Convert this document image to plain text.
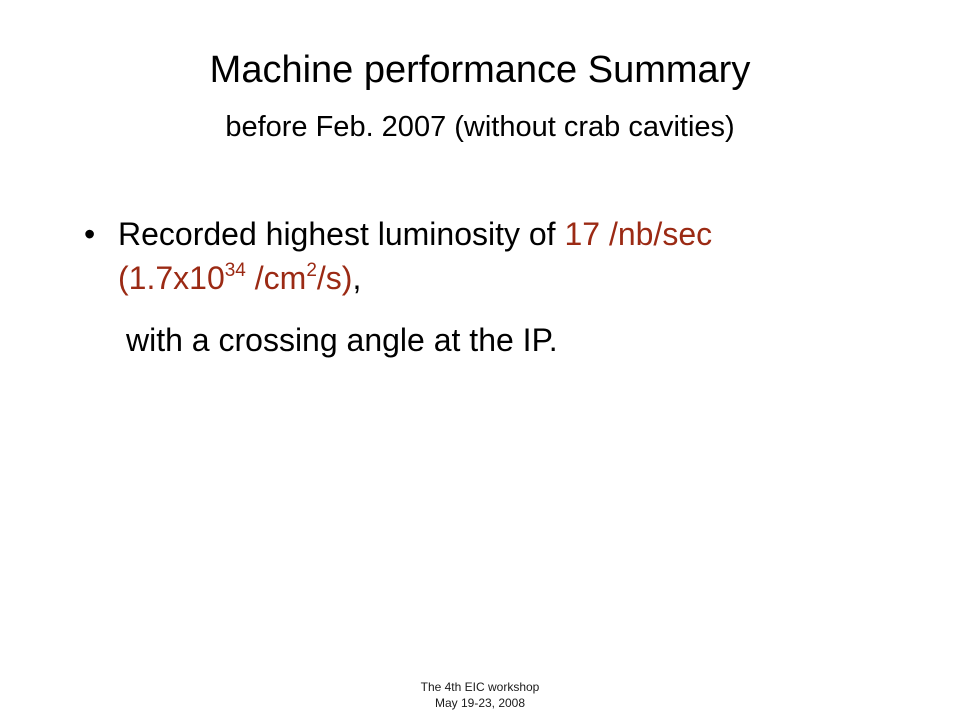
Machine performance Summary
before Feb. 2007 (without crab cavities)
• Recorded highest luminosity of 17 /nb/sec
($1.7x10^{34}$ $/cm^2/s$),
with a crossing angle at the IP.
The 4th EIC workshop
May 19-23, 2008
